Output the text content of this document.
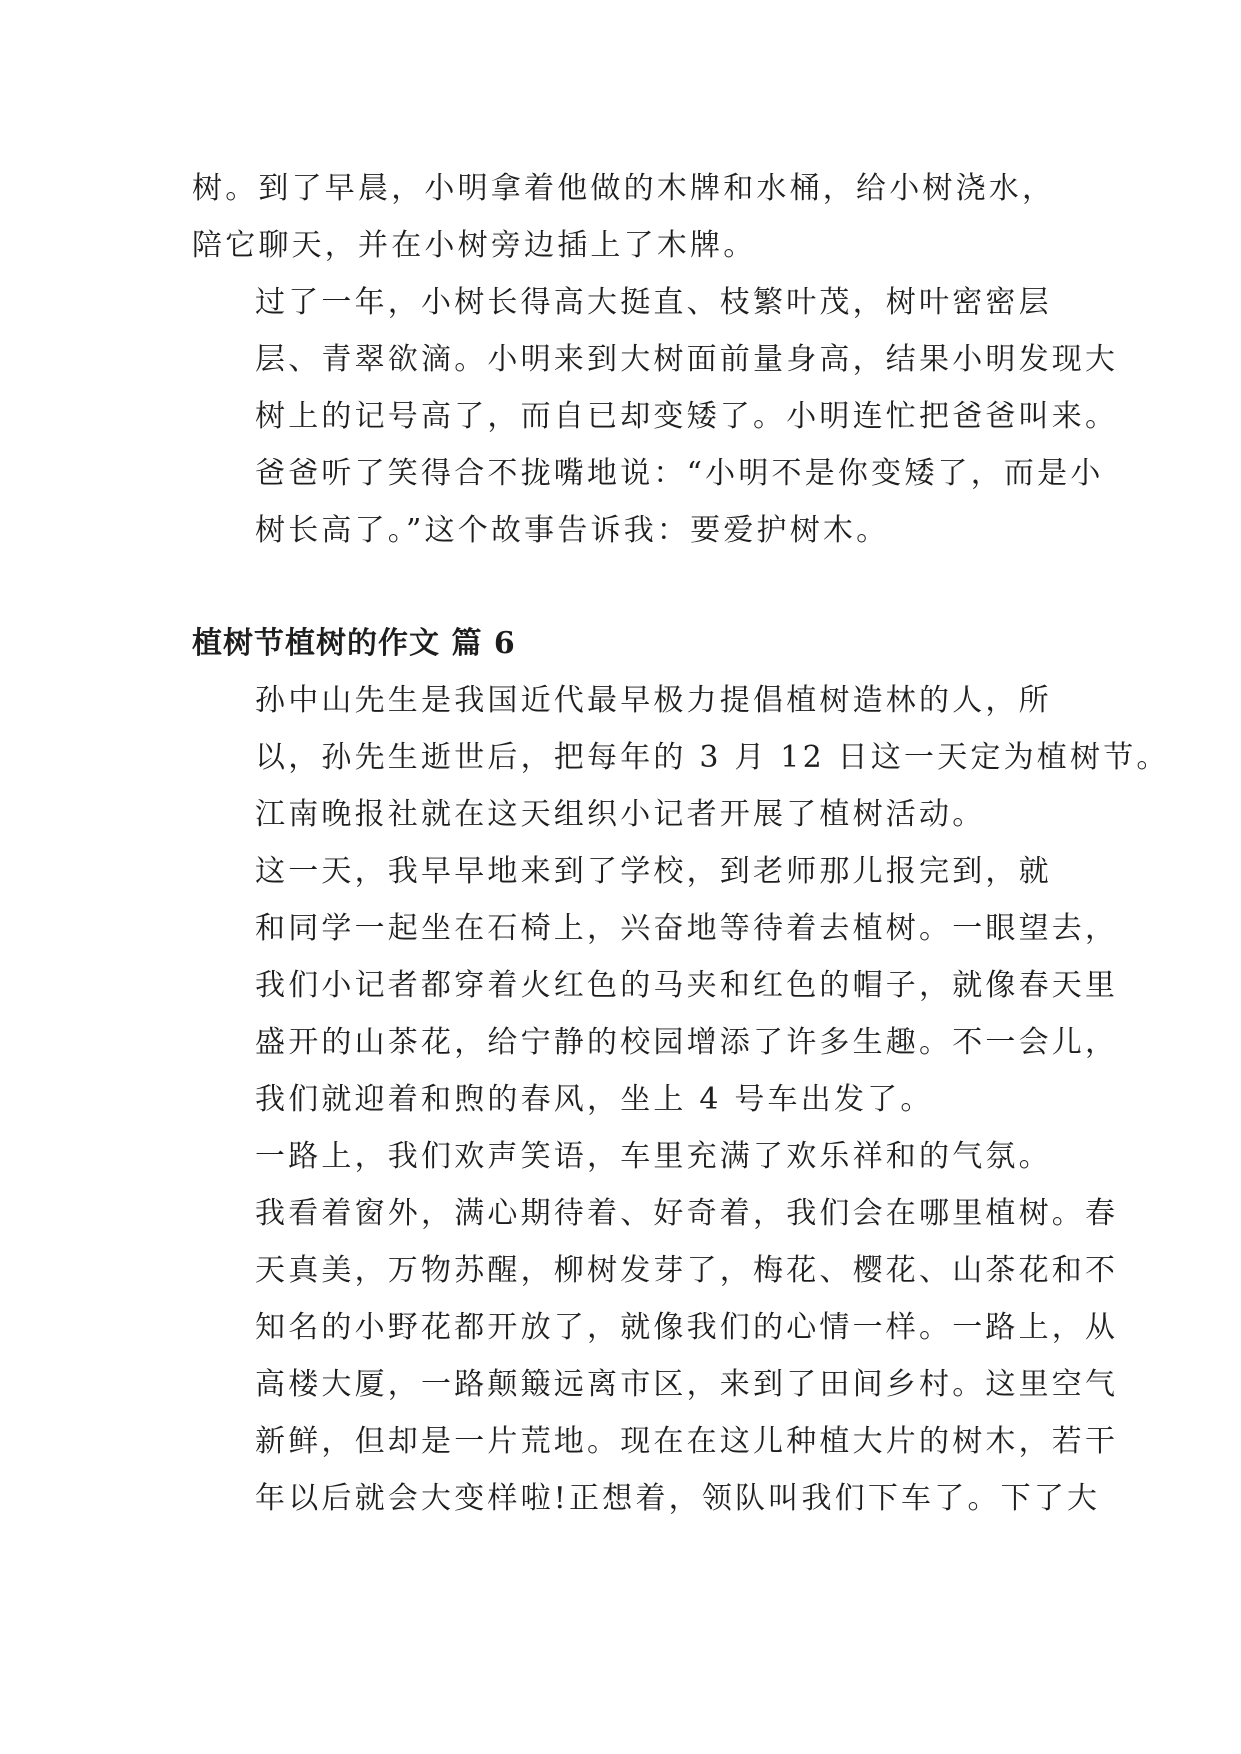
树。到了早晨，小明拿着他做的木牌和水桶，给小树浇水，
陪它聊天，并在小树旁边插上了木牌。

过了一年，小树长得高大挺直、枝繁叶茂，树叶密密层
层、青翠欲滴。小明来到大树面前量身高，结果小明发现大
树上的记号高了，而自已却变矮了。小明连忙把爸爸叫来。
爸爸听了笑得合不拢嘴地说：“小明不是你变矮了，而是小
树长高了。”这个故事告诉我：要爱护树木。

植树节植树的作文 篇 6

孙中山先生是我国近代最早极力提倡植树造林的人，所
以，孙先生逝世后，把每年的 3 月 12 日这一天定为植树节。
江南晚报社就在这天组织小记者开展了植树活动。

这一天，我早早地来到了学校，到老师那儿报完到，就
和同学一起坐在石椅上，兴奋地等待着去植树。一眼望去，
我们小记者都穿着火红色的马夹和红色的帽子，就像春天里
盛开的山茶花，给宁静的校园增添了许多生趣。不一会儿，
我们就迎着和煦的春风，坐上 4 号车出发了。

一路上，我们欢声笑语，车里充满了欢乐祥和的气氛。
我看着窗外，满心期待着、好奇着，我们会在哪里植树。春
天真美，万物苏醒，柳树发芽了，梅花、樱花、山茶花和不
知名的小野花都开放了，就像我们的心情一样。一路上，从
高楼大厦，一路颠簸远离市区，来到了田间乡村。这里空气
新鲜，但却是一片荒地。现在在这儿种植大片的树木，若干
年以后就会大变样啦!正想着，领队叫我们下车了。下了大
